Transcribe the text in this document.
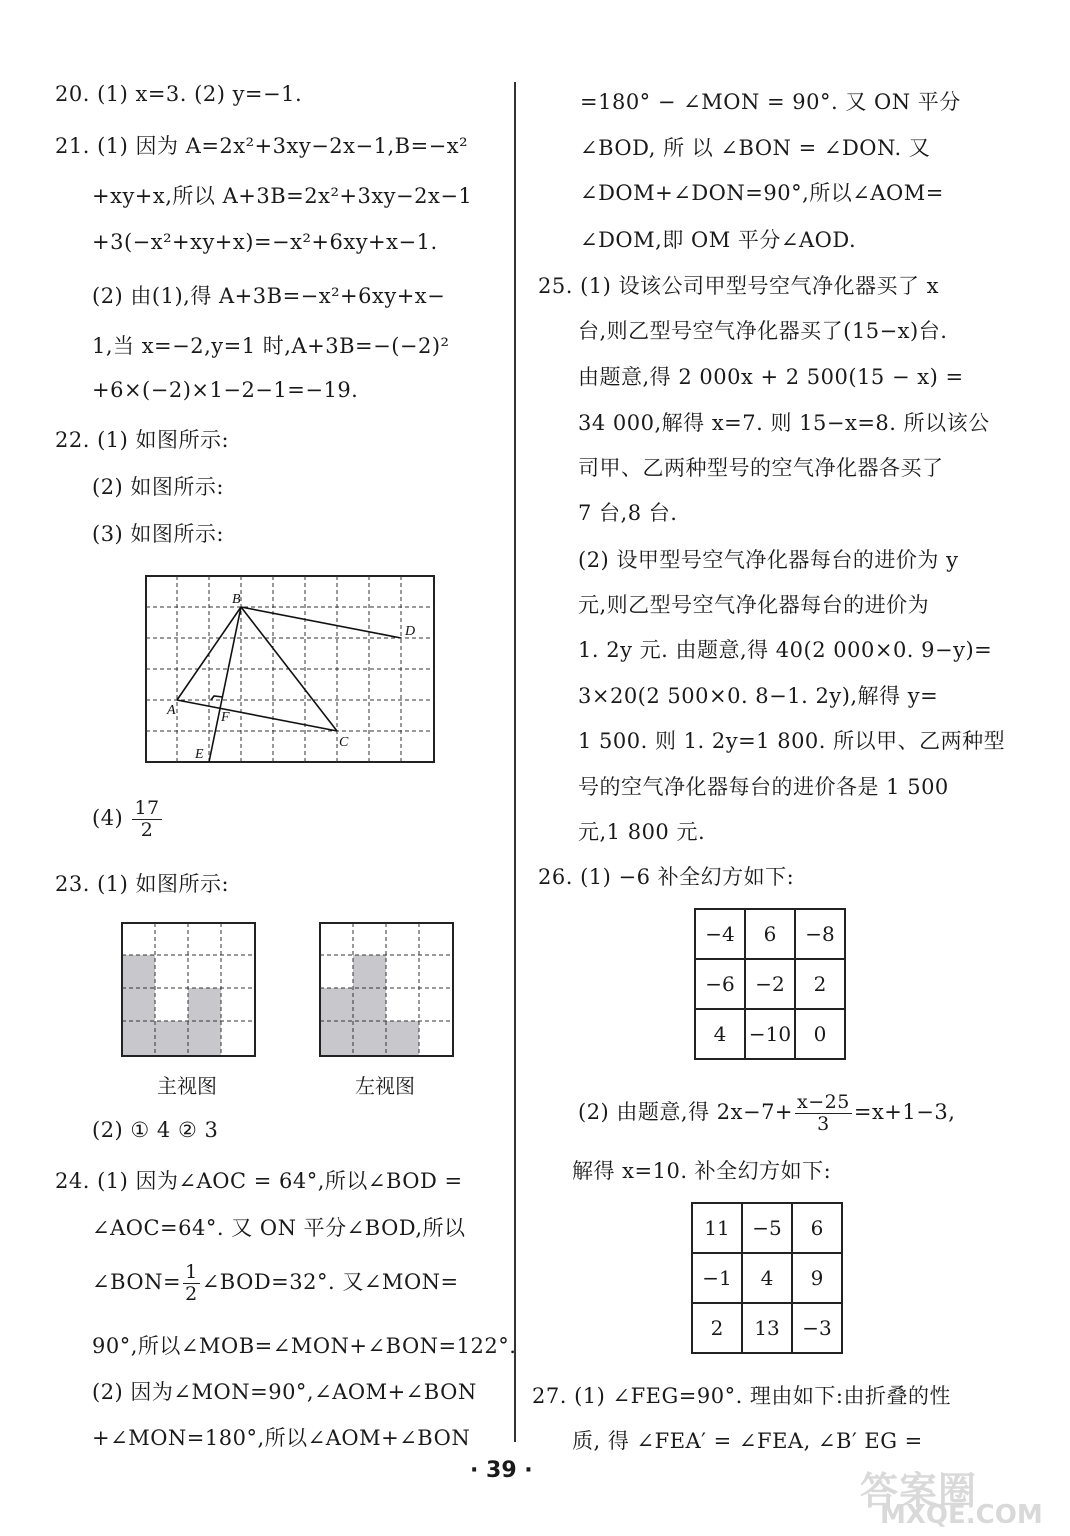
20. (1) x=3. (2) y=−1.
21. (1) 因为 A=2x²+3xy−2x−1,B=−x²
+xy+x,所以 A+3B=2x²+3xy−2x−1
+3(−x²+xy+x)=−x²+6xy+x−1.
(2) 由(1),得 A+3B=−x²+6xy+x−
1,当 x=−2,y=1 时,A+3B=−(−2)²
+6×(−2)×1−2−1=−19.
22. (1) 如图所示:
(2) 如图所示:
(3) 如图所示:
B
D
A	F
C
E
$(4) \frac{17}{2}$
23. (1) 如图所示:
主视图	左视图
(2) ① 4 ② 3
24. (1) 因为∠AOC = 64°,所以∠BOD =
∠AOC=64°. 又 ON 平分∠BOD,所以
∠BON= $\frac{1}{2}$ ∠BOD=32°. 又∠MON=
90°,所以∠MOB=∠MON+∠BON=122°.
(2) 因为∠MON=90°,∠AOM+∠BON
+∠MON=180°,所以∠AOM+∠BON
=180° − ∠MON = 90°. 又 ON 平分
∠BOD, 所 以 ∠BON = ∠DON. 又
∠DOM+∠DON=90°,所以∠AOM=
∠DOM,即 OM 平分∠AOD.
25. (1) 设该公司甲型号空气净化器买了 x
台,则乙型号空气净化器买了(15−x)台.
由题意,得 2 000x + 2 500(15 − x) =
34 000,解得 x=7. 则 15−x=8. 所以该公
司甲、乙两种型号的空气净化器各买了
7 台,8 台.
(2) 设甲型号空气净化器每台的进价为 y
元,则乙型号空气净化器每台的进价为
1. 2y 元. 由题意,得 40(2 000×0. 9−y)=
3×20(2 500×0. 8−1. 2y),解得 y=
1 500. 则 1. 2y=1 800. 所以甲、乙两种型
号的空气净化器每台的进价各是 1 500
元,1 800 元.
26. (1) −6 补全幻方如下:
−4	6	−8
−6	−2	2
4	−10	0
(2) 由题意,得 $2x-7+ \frac{x-25}{3} =x+1-3$,
解得 x=10. 补全幻方如下:
11	−5	6
−1	4	9
2	13	−3
27. (1) ∠FEG=90°. 理由如下:由折叠的性
质, 得 ∠FEA′ = ∠FEA, ∠B′ EG =
· 39 ·	答案圈
MXQE.COM
